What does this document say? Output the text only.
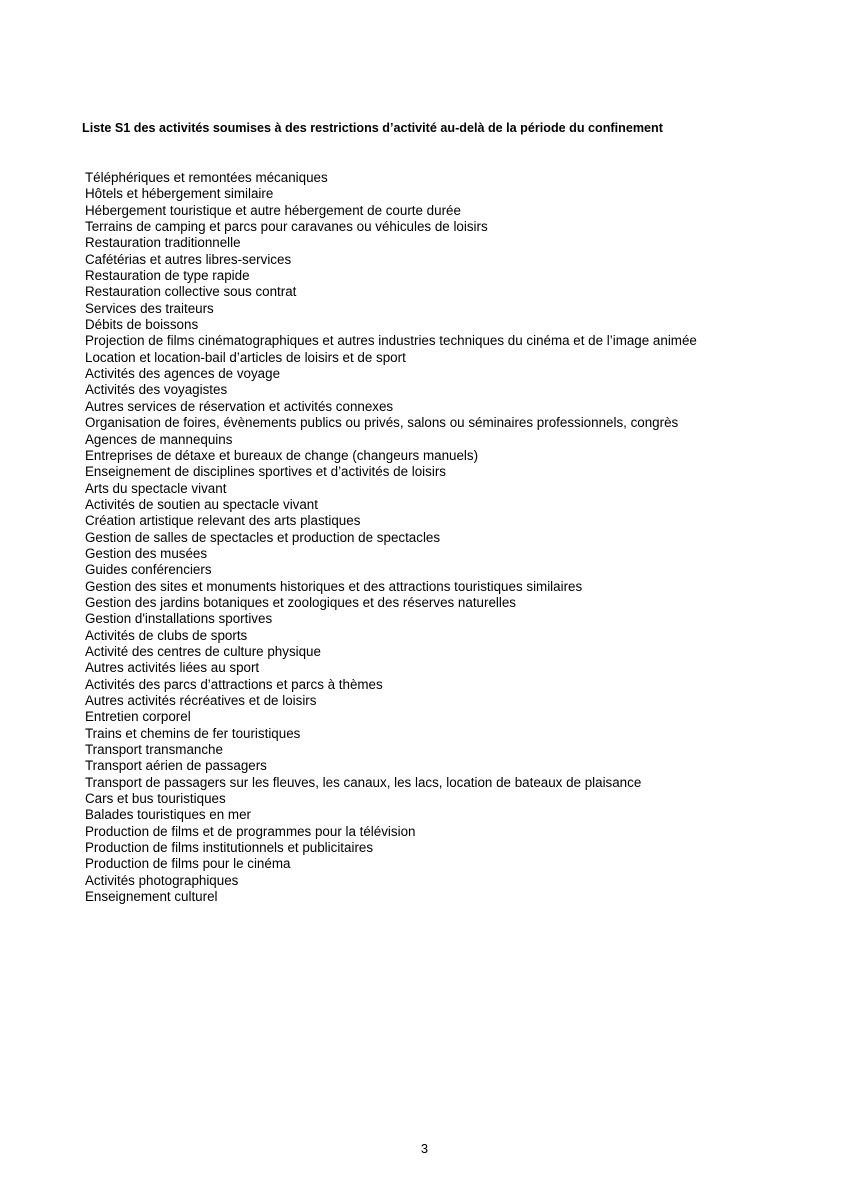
Liste S1 des activités soumises à des restrictions d’activité au-delà de la période du confinement
Téléphériques et remontées mécaniques
Hôtels et hébergement similaire
Hébergement touristique et autre hébergement de courte durée
Terrains de camping et parcs pour caravanes ou véhicules de loisirs
Restauration traditionnelle
Cafétérias et autres libres-services
Restauration de type rapide
Restauration collective sous contrat
Services des traiteurs
Débits de boissons
Projection de films cinématographiques et autres industries techniques du cinéma et de l’image animée
Location et location-bail d’articles de loisirs et de sport
Activités des agences de voyage
Activités des voyagistes
Autres services de réservation et activités connexes
Organisation de foires, évènements publics ou privés, salons ou séminaires professionnels, congrès
Agences de mannequins
Entreprises de détaxe et bureaux de change (changeurs manuels)
Enseignement de disciplines sportives et d’activités de loisirs
Arts du spectacle vivant
Activités de soutien au spectacle vivant
Création artistique relevant des arts plastiques
Gestion de salles de spectacles et production de spectacles
Gestion des musées
Guides conférenciers
Gestion des sites et monuments historiques et des attractions touristiques similaires
Gestion des jardins botaniques et zoologiques et des réserves naturelles
Gestion d'installations sportives
Activités de clubs de sports
Activité des centres de culture physique
Autres activités liées au sport
Activités des parcs d’attractions et parcs à thèmes
Autres activités récréatives et de loisirs
Entretien corporel
Trains et chemins de fer touristiques
Transport transmanche
Transport aérien de passagers
Transport de passagers sur les fleuves, les canaux, les lacs, location de bateaux de plaisance
Cars et bus touristiques
Balades touristiques en mer
Production de films et de programmes pour la télévision
Production de films institutionnels et publicitaires
Production de films pour le cinéma
Activités photographiques
Enseignement culturel
3
